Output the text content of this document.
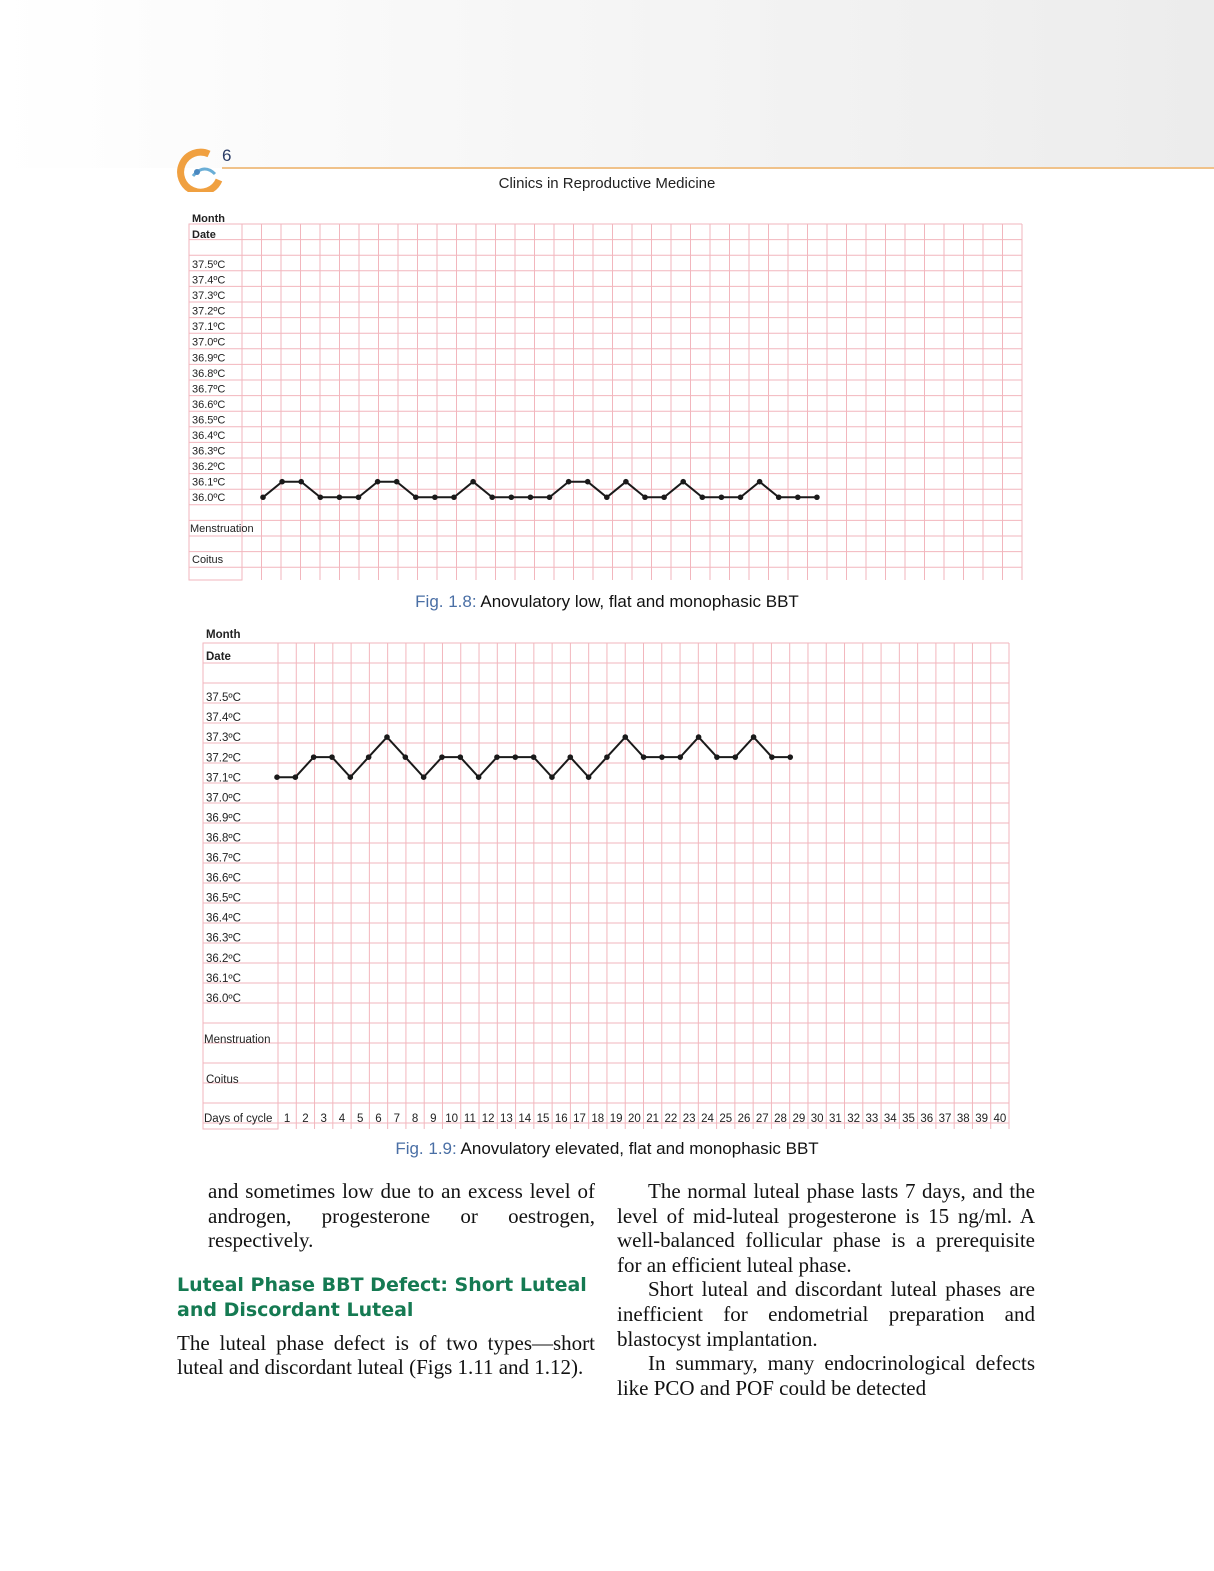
6
Clinics in Reproductive Medicine
Month
Date
Menstruation
Coitus
37.5ºC
37.4ºC
37.3ºC
37.2ºC
37.1ºC
37.0ºC
36.9ºC
36.8ºC
36.7ºC
36.6ºC
36.5ºC
36.4ºC
36.3ºC
36.2ºC
36.1ºC
36.0ºC
Fig. 1.8: Anovulatory low, flat and monophasic BBT
Month
Date
Menstruation
Coitus
37.5ºC
37.4ºC
37.3ºC
37.2ºC
37.1ºC
37.0ºC
36.9ºC
36.8ºC
36.7ºC
36.6ºC
36.5ºC
36.4ºC
36.3ºC
36.2ºC
36.1ºC
36.0ºC
Days of cycle 1 2 3 4 5 6 7 8 9 10 11 12 13 14 15 16 17 18 19 20 21 22 23 24 25 26 27 28 29 30 31 32 33 34 35 36 37 38 39 40
Fig. 1.9: Anovulatory elevated, flat and monophasic BBT

and sometimes low due to an excess level of androgen, progesterone or oestrogen, respectively.

Luteal Phase BBT Defect: Short Luteal and Discordant Luteal

The luteal phase defect is of two types—short luteal and discordant luteal (Figs 1.11 and 1.12).

The normal luteal phase lasts 7 days, and the level of mid-luteal progesterone is 15 ng/ml. A well-balanced follicular phase is a prerequisite for an efficient luteal phase.

Short luteal and discordant luteal phases are inefficient for endometrial preparation and blastocyst implantation.

In summary, many endocrinological defects like PCO and POF could be detected
